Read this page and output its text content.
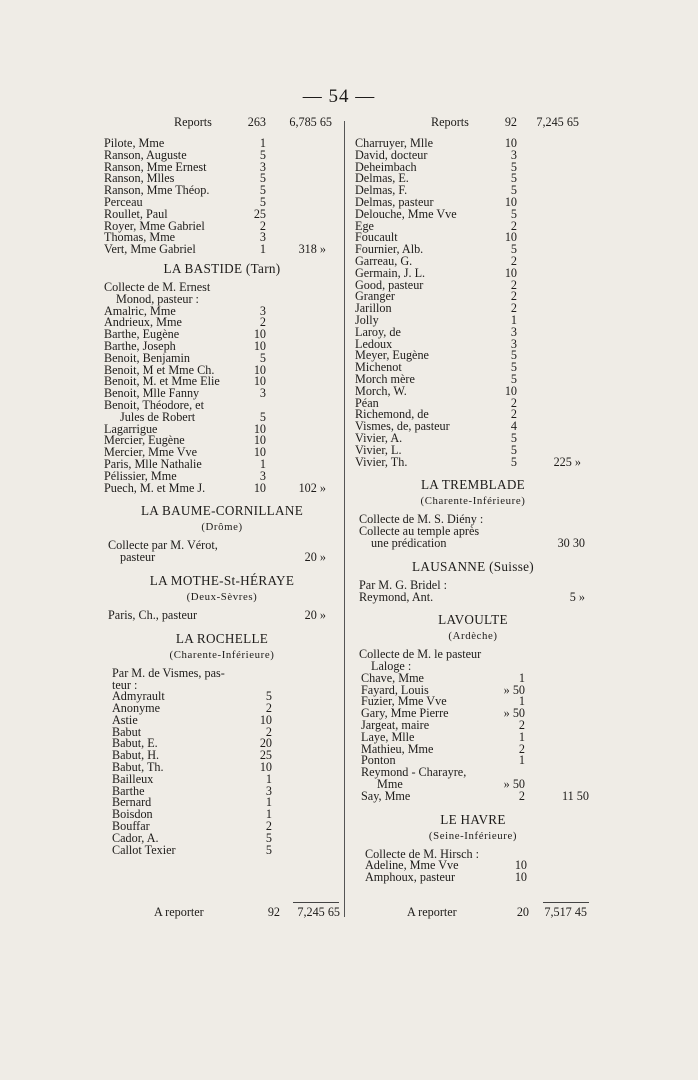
— 54 —
Reports	263 6,785 65
Pilote, Mme	1
Ranson, Auguste	5
Ranson, Mme Ernest	3
Ranson, Mlles	5
Ranson, Mme Théop.	5
Perceau	5
Roullet, Paul	25
Royer, Mme Gabriel	2
Thomas, Mme	3
Vert, Mme Gabriel	1	318 »
LA BASTIDE (Tarn)
Collecte de M. Ernest
Monod, pasteur :
Amalric, Mme	3
Andrieux, Mme	2
Barthe, Eugène	10
Barthe, Joseph	10
Benoit, Benjamin	5
Benoit, M et Mme Ch.	10
Benoit, M. et Mme Elie	10
Benoit, Mlle Fanny	3
Benoit, Théodore, et
Jules de Robert	5
Lagarrigue	10
Mercier, Eugène	10
Mercier, Mme Vve	10
Paris, Mlle Nathalie	1
Pélissier, Mme	3
Puech, M. et Mme J.	10	102 »
LA BAUME-CORNILLANE
(Drôme)
Collecte par M. Vérot,
pasteur	20 »
LA MOTHE-St-HÉRAYE
(Deux-Sèvres)
Paris, Ch., pasteur	20 »
LA ROCHELLE
(Charente-Inférieure)
Par M. de Vismes, pas-
teur :
Admyrault	5
Anonyme	2
Astie	10
Babut	2
Babut, E.	20
Babut, H.	25
Babut, Th.	10
Bailleux	1
Barthe	3
Bernard	1
Boisdon	1
Bouffar	2
Cador, A.	5
Callot Texier	5
A reporter	92 7,245 65
Reports	92 7,245 65
Charruyer, Mlle	10
David, docteur	3
Deheimbach	5
Delmas, E.	5
Delmas, F.	5
Delmas, pasteur	10
Delouche, Mme Vve	5
Ege	2
Foucault	10
Fournier, Alb.	5
Garreau, G.	2
Germain, J. L.	10
Good, pasteur	2
Granger	2
Jarillon	2
Jolly	1
Laroy, de	3
Ledoux	3
Meyer, Eugène	5
Michenot	5
Morch mère	5
Morch, W.	10
Péan	2
Richemond, de	2
Vismes, de, pasteur	4
Vivier, A.	5
Vivier, L.	5
Vivier, Th.	5	225 »
LA TREMBLADE
(Charente-Inférieure)
Collecte de M. S. Diény :
Collecte au temple après
une prédication	30 30
LAUSANNE (Suisse)
Par M. G. Bridel :
Reymond, Ant.	5 »
LAVOULTE
(Ardèche)
Collecte de M. le pasteur
Laloge :
Chave, Mme	1
Fayard, Louis	» 50
Fuzier, Mme Vve	1
Gary, Mme Pierre	» 50
Jargeat, maire	2
Laye, Mlle	1
Mathieu, Mme	2
Ponton	1
Reymond - Charayre,
Mme	» 50
Say, Mme	2	11 50
LE HAVRE
(Seine-Inférieure)
Collecte de M. Hirsch :
Adeline, Mme Vve	10
Amphoux, pasteur	10
A reporter	20 7,517 45
